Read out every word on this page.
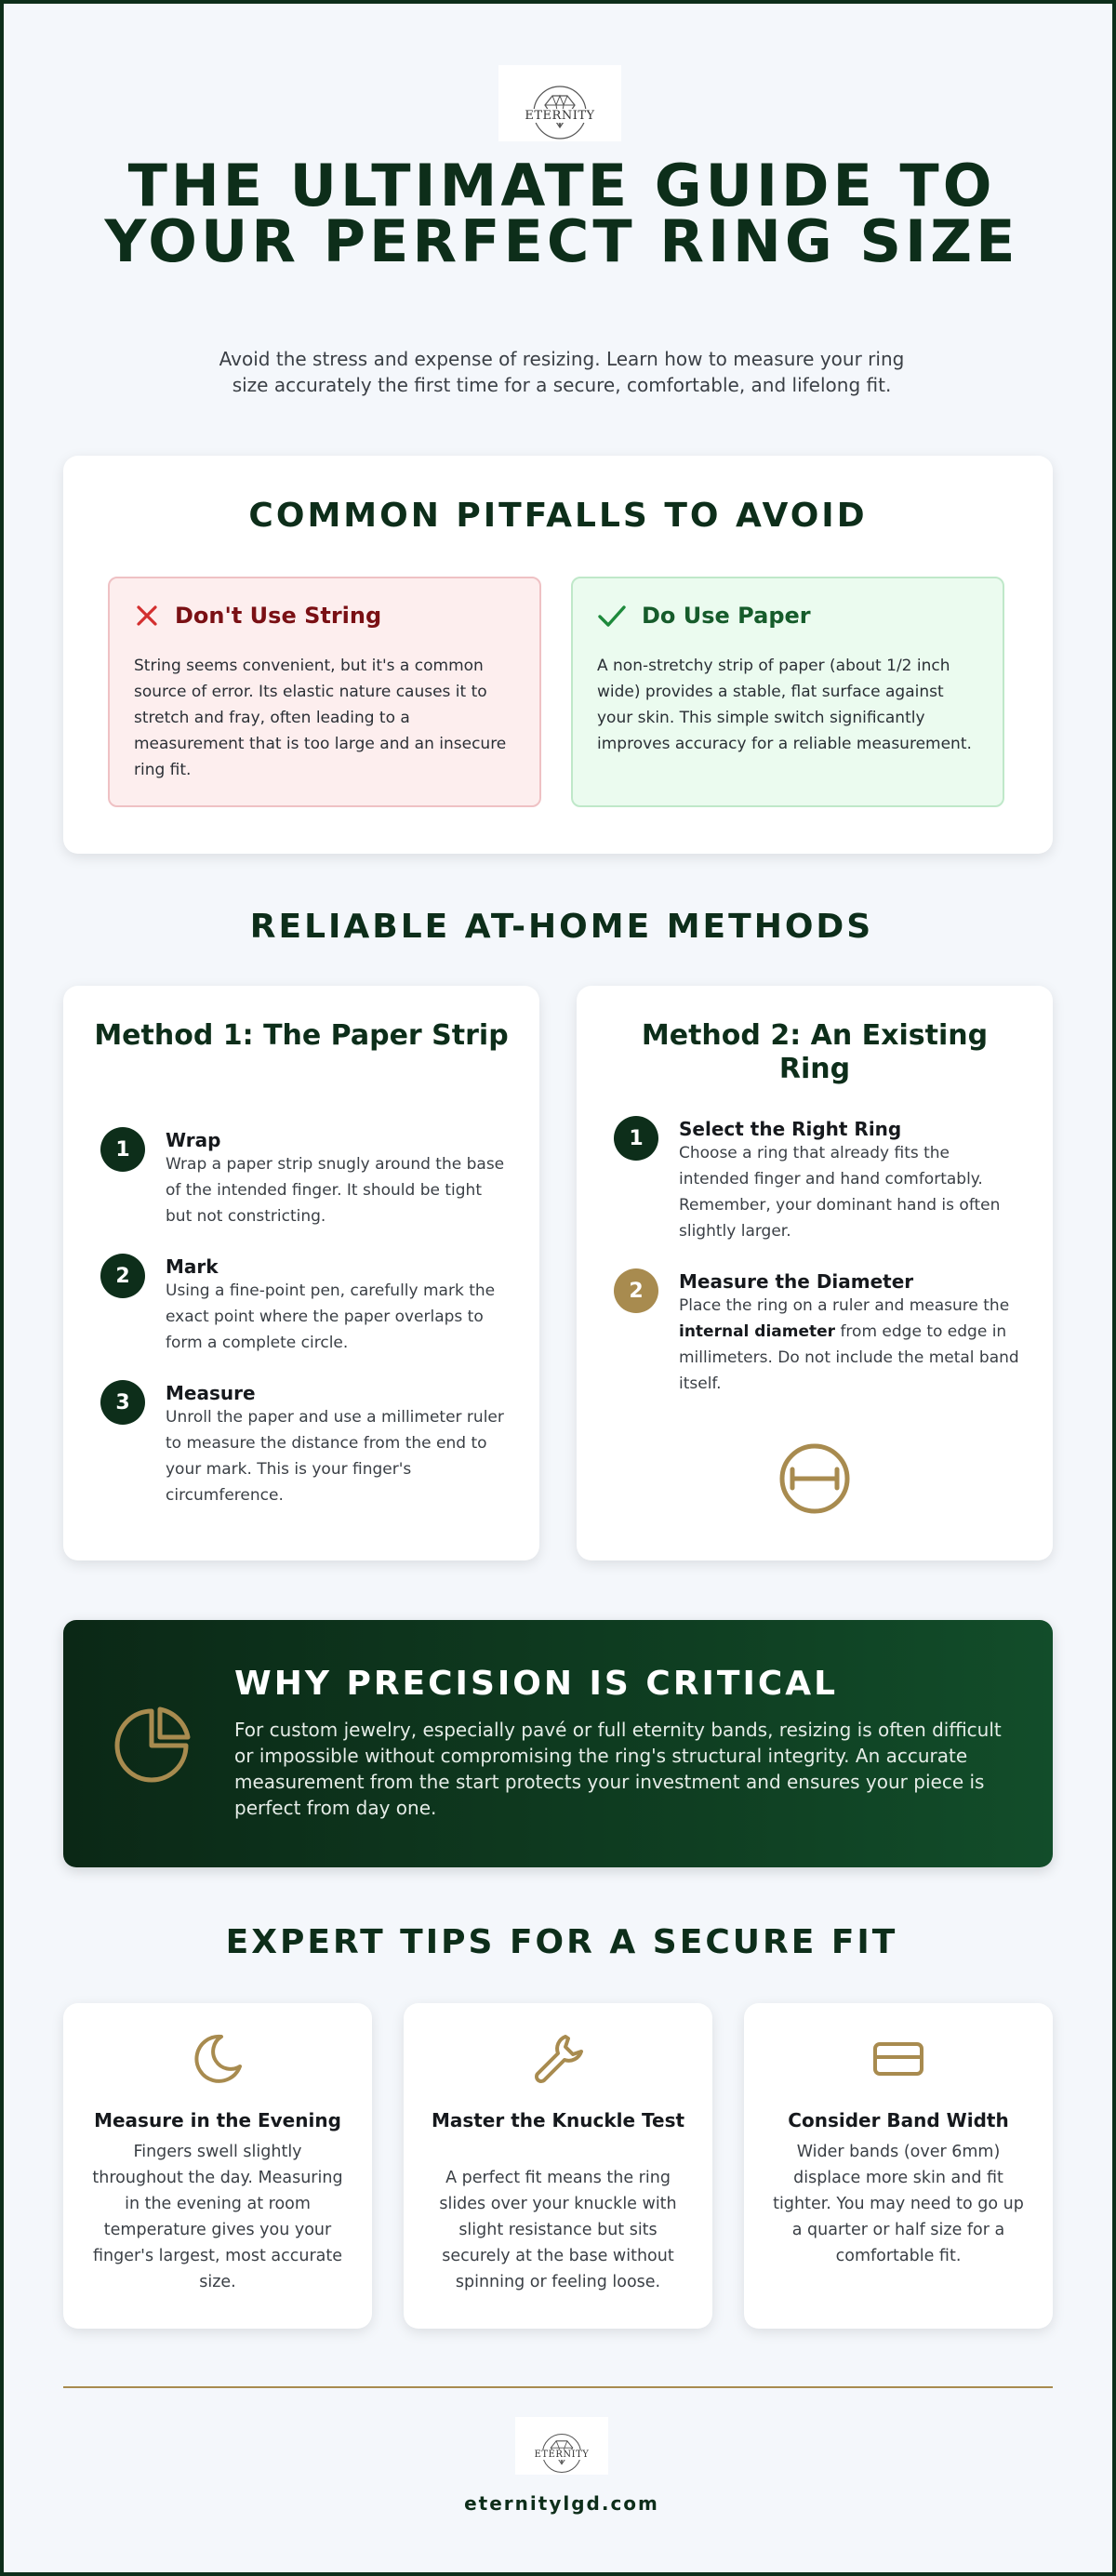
ETERNITY
THE ULTIMATE GUIDE TO YOUR PERFECT RING SIZE
Avoid the stress and expense of resizing. Learn how to measure your ring size accurately the first time for a secure, comfortable, and lifelong fit.
COMMON PITFALLS TO AVOID
Don't Use String
String seems convenient, but it's a common source of error. Its elastic nature causes it to stretch and fray, often leading to a measurement that is too large and an insecure ring fit.
Do Use Paper
A non-stretchy strip of paper (about 1/2 inch wide) provides a stable, flat surface against your skin. This simple switch significantly improves accuracy for a reliable measurement.
RELIABLE AT-HOME METHODS
Method 1: The Paper Strip
1	Wrap
Wrap a paper strip snugly around the base of the intended finger. It should be tight but not constricting.
2	Mark
Using a fine-point pen, carefully mark the exact point where the paper overlaps to form a complete circle.
3	Measure
Unroll the paper and use a millimeter ruler to measure the distance from the end to your mark. This is your finger's circumference.
Method 2: An Existing Ring
1	Select the Right Ring
Choose a ring that already fits the intended finger and hand comfortably. Remember, your dominant hand is often slightly larger.
2	Measure the Diameter
Place the ring on a ruler and measure the internal diameter from edge to edge in millimeters. Do not include the metal band itself.
WHY PRECISION IS CRITICAL
For custom jewelry, especially pavé or full eternity bands, resizing is often difficult or impossible without compromising the ring's structural integrity. An accurate measurement from the start protects your investment and ensures your piece is perfect from day one.
EXPERT TIPS FOR A SECURE FIT
Measure in the Evening
Fingers swell slightly throughout the day. Measuring in the evening at room temperature gives you your finger's largest, most accurate size.
Master the Knuckle Test
A perfect fit means the ring slides over your knuckle with slight resistance but sits securely at the base without spinning or feeling loose.
Consider Band Width
Wider bands (over 6mm) displace more skin and fit tighter. You may need to go up a quarter or half size for a comfortable fit.
ETERNITY
eternitylgd.com
